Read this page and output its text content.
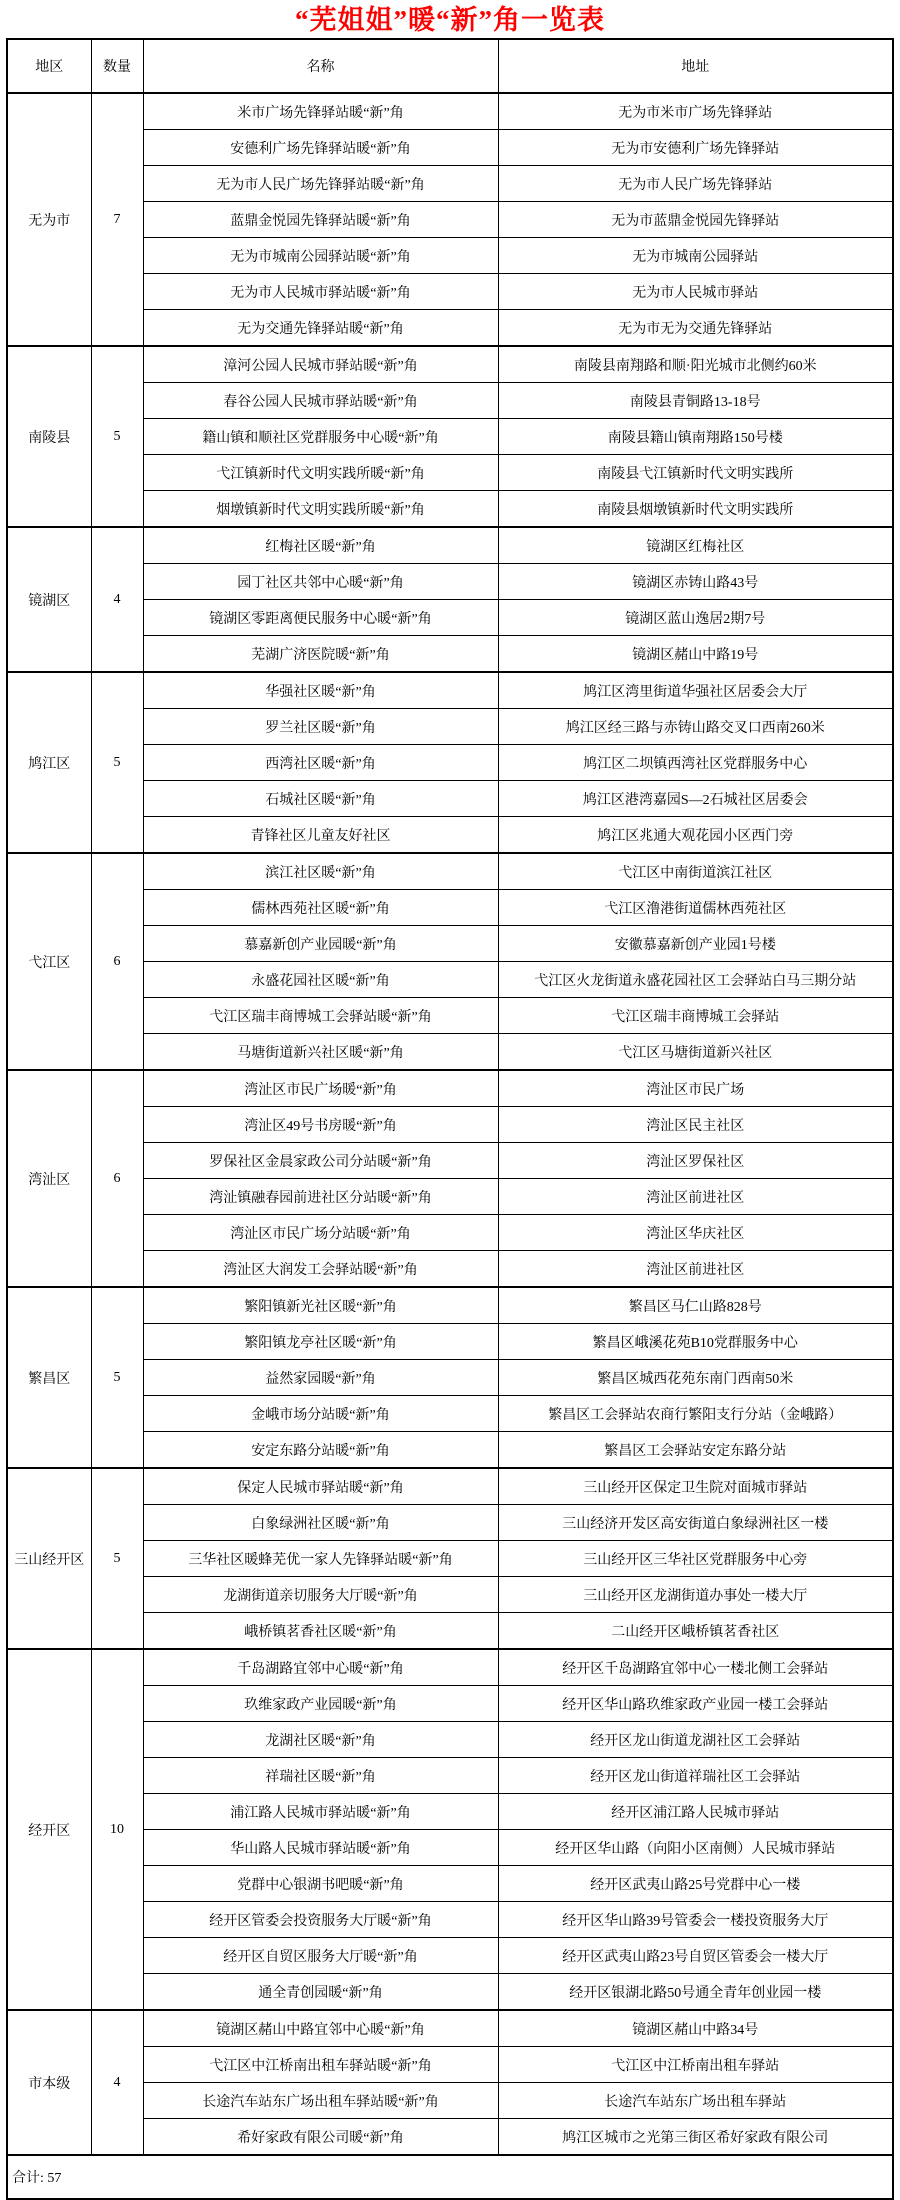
“芜姐姐”暖“新”角一览表
地区	数量	名称	地址
无为市	7	米市广场先锋驿站暖“新”角	无为市米市广场先锋驿站
		安德利广场先锋驿站暖“新”角	无为市安德利广场先锋驿站
		无为市人民广场先锋驿站暖“新”角	无为市人民广场先锋驿站
		蓝鼎金悦园先锋驿站暖“新”角	无为市蓝鼎金悦园先锋驿站
		无为市城南公园驿站暖“新”角	无为市城南公园驿站
		无为市人民城市驿站暖“新”角	无为市人民城市驿站
		无为交通先锋驿站暖“新”角	无为市无为交通先锋驿站
南陵县	5	漳河公园人民城市驿站暖“新”角	南陵县南翔路和顺·阳光城市北侧约60米
		春谷公园人民城市驿站暖“新”角	南陵县青铜路13-18号
		籍山镇和顺社区党群服务中心暖“新”角	南陵县籍山镇南翔路150号楼
		弋江镇新时代文明实践所暖“新”角	南陵县弋江镇新时代文明实践所
		烟墩镇新时代文明实践所暖“新”角	南陵县烟墩镇新时代文明实践所
镜湖区	4	红梅社区暖“新”角	镜湖区红梅社区
		园丁社区共邻中心暖“新”角	镜湖区赤铸山路43号
		镜湖区零距离便民服务中心暖“新”角	镜湖区蓝山逸居2期7号
		芜湖广济医院暖“新”角	镜湖区赭山中路19号
鸠江区	5	华强社区暖“新”角	鸠江区湾里街道华强社区居委会大厅
		罗兰社区暖“新”角	鸠江区经三路与赤铸山路交叉口西南260米
		西湾社区暖“新”角	鸠江区二坝镇西湾社区党群服务中心
		石城社区暖“新”角	鸠江区港湾嘉园S—2石城社区居委会
		青锋社区儿童友好社区	鸠江区兆通大观花园小区西门旁
弋江区	6	滨江社区暖“新”角	弋江区中南街道滨江社区
		儒林西苑社区暖“新”角	弋江区澛港街道儒林西苑社区
		慕嘉新创产业园暖“新”角	安徽慕嘉新创产业园1号楼
		永盛花园社区暖“新”角	弋江区火龙街道永盛花园社区工会驿站白马三期分站
		弋江区瑞丰商博城工会驿站暖“新”角	弋江区瑞丰商博城工会驿站
		马塘街道新兴社区暖“新”角	弋江区马塘街道新兴社区
湾沚区	6	湾沚区市民广场暖“新”角	湾沚区市民广场
		湾沚区49号书房暖“新”角	湾沚区民主社区
		罗保社区金晨家政公司分站暖“新”角	湾沚区罗保社区
		湾沚镇融春园前进社区分站暖“新”角	湾沚区前进社区
		湾沚区市民广场分站暖“新”角	湾沚区华庆社区
		湾沚区大润发工会驿站暖“新”角	湾沚区前进社区
繁昌区	5	繁阳镇新光社区暖“新”角	繁昌区马仁山路828号
		繁阳镇龙亭社区暖“新”角	繁昌区峨溪花苑B10党群服务中心
		益然家园暖“新”角	繁昌区城西花苑东南门西南50米
		金峨市场分站暖“新”角	繁昌区工会驿站农商行繁阳支行分站（金峨路）
		安定东路分站暖“新”角	繁昌区工会驿站安定东路分站
三山经开区	5	保定人民城市驿站暖“新”角	三山经开区保定卫生院对面城市驿站
		白象绿洲社区暖“新”角	三山经济开发区高安街道白象绿洲社区一楼
		三华社区暖蜂芜优一家人先锋驿站暖“新”角	三山经开区三华社区党群服务中心旁
		龙湖街道亲切服务大厅暖“新”角	三山经开区龙湖街道办事处一楼大厅
		峨桥镇茗香社区暖“新”角	二山经开区峨桥镇茗香社区
经开区	10	千岛湖路宜邻中心暖“新”角	经开区千岛湖路宜邻中心一楼北侧工会驿站
		玖维家政产业园暖“新”角	经开区华山路玖维家政产业园一楼工会驿站
		龙湖社区暖“新”角	经开区龙山街道龙湖社区工会驿站
		祥瑞社区暖“新”角	经开区龙山街道祥瑞社区工会驿站
		浦江路人民城市驿站暖“新”角	经开区浦江路人民城市驿站
		华山路人民城市驿站暖“新”角	经开区华山路（向阳小区南侧）人民城市驿站
		党群中心银湖书吧暖“新”角	经开区武夷山路25号党群中心一楼
		经开区管委会投资服务大厅暖“新”角	经开区华山路39号管委会一楼投资服务大厅
		经开区自贸区服务大厅暖“新”角	经开区武夷山路23号自贸区管委会一楼大厅
		通全青创园暖“新”角	经开区银湖北路50号通全青年创业园一楼
市本级	4	镜湖区赭山中路宜邻中心暖“新”角	镜湖区赭山中路34号
		弋江区中江桥南出租车驿站暖“新”角	弋江区中江桥南出租车驿站
		长途汽车站东广场出租车驿站暖“新”角	长途汽车站东广场出租车驿站
		希好家政有限公司暖“新”角	鸠江区城市之光第三街区希好家政有限公司
合计: 57			
